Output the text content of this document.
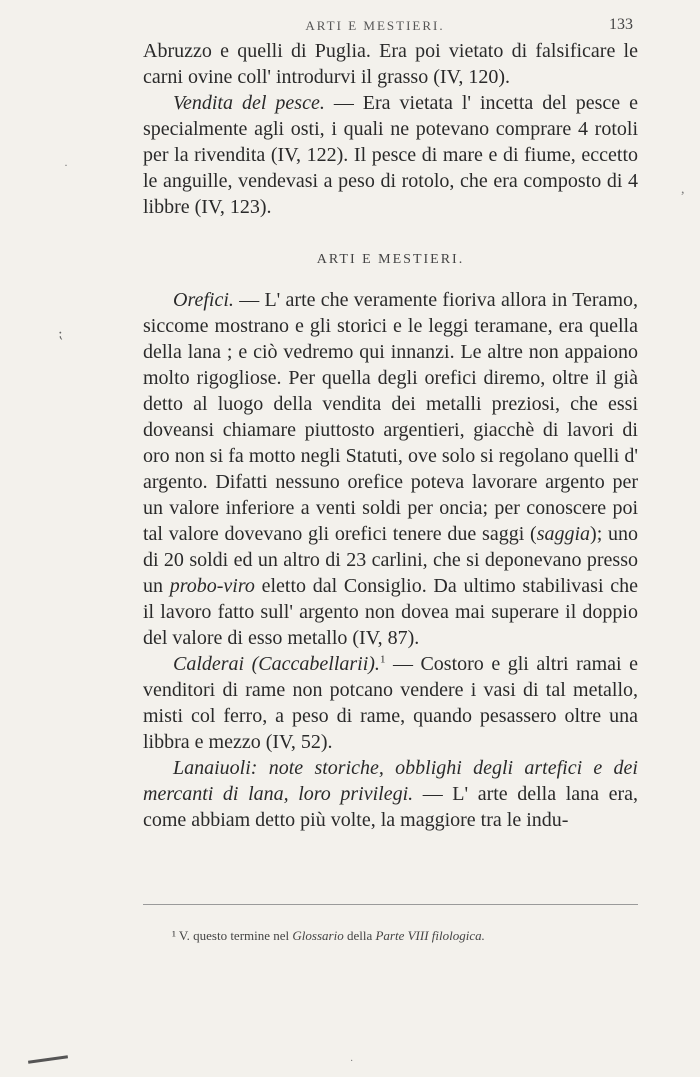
ARTI E MESTIERI.	133

Abruzzo e quelli di Puglia. Era poi vietato di falsificare le carni ovine coll' introdurvi il grasso (IV, 120).

Vendita del pesce. — Era vietata l' incetta del pesce e specialmente agli osti, i quali ne potevano comprare 4 rotoli per la rivendita (IV, 122). Il pesce di mare e di fiume, eccetto le anguille, vendevasi a peso di rotolo, che era composto di 4 libbre (IV, 123).

ARTI E MESTIERI.

Orefici. — L' arte che veramente fioriva allora in Teramo, siccome mostrano e gli storici e le leggi teramane, era quella della lana ; e ciò vedremo qui innanzi. Le altre non appaiono molto rigogliose. Per quella degli orefici diremo, oltre il già detto al luogo della vendita dei metalli preziosi, che essi doveansi chiamare piuttosto argentieri, giacchè di lavori di oro non si fa motto negli Statuti, ove solo si regolano quelli d' argento. Difatti nessuno orefice poteva lavorare argento per un valore inferiore a venti soldi per oncia; per conoscere poi tal valore dovevano gli orefici tenere due saggi (saggia); uno di 20 soldi ed un altro di 23 carlini, che si deponevano presso un probo-viro eletto dal Consiglio. Da ultimo stabilivasi che il lavoro fatto sull' argento non dovea mai superare il doppio del valore di esso metallo (IV, 87).

Calderai (Caccabellarii).$^1$ — Costoro e gli altri ramai e venditori di rame non potcano vendere i vasi di tal metallo, misti col ferro, a peso di rame, quando pesassero oltre una libbra e mezzo (IV, 52).

Lanaiuoli: note storiche, obblighi degli artefici e dei mercanti di lana, loro privilegi. — L' arte della lana era, come abbiam detto più volte, la maggiore tra le indu-

¹ V. questo termine nel Glossario della Parte VIII filologica.
·
,
⁏
·
